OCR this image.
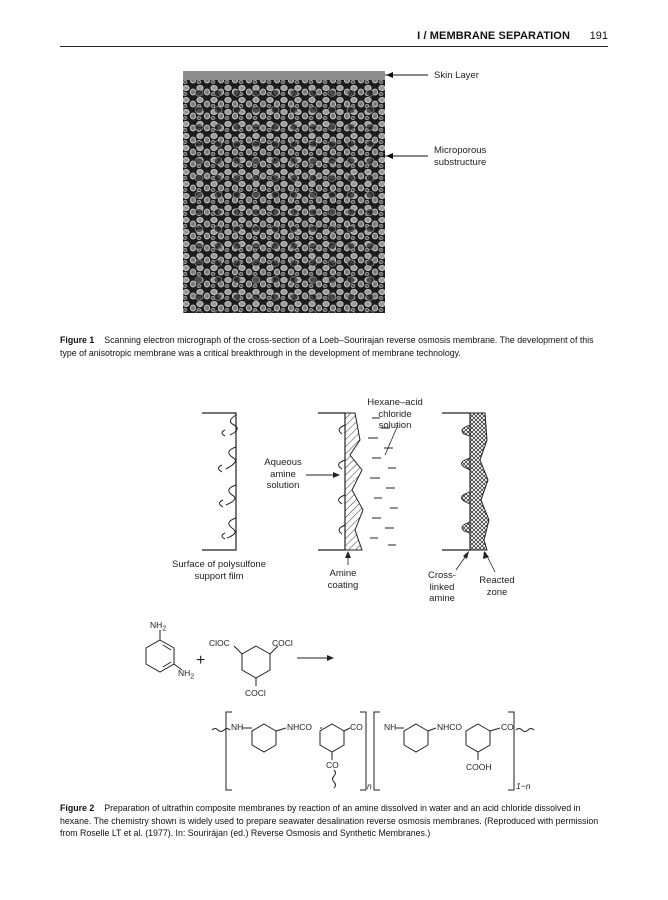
I / MEMBRANE SEPARATION 191
Skin Layer
Microporous
substructure
Figure 1 Scanning electron micrograph of the cross-section of a Loeb–Sourirajan reverse osmosis membrane. The development of this type of anisotropic membrane was a critical breakthrough in the development of membrane technology.
Hexane–acid
chloride
solution
Aqueous
amine
solution
Surface of polysulfone
support film	Amine
coating
Cross-
linked
amine
Reacted
zone
$NH_2$
$NH_2$
+
ClOC	COCl
COCl
NH	NHCO	CO
CO
NH	NHCO	CO
COOH
n	1−n
Figure 2 Preparation of ultrathin composite membranes by reaction of an amine dissolved in water and an acid chloride dissolved in hexane. The chemistry shown is widely used to prepare seawater desalination reverse osmosis membranes. (Reproduced with permission from Roselle LT et al. (1977). In: Sourirájan (ed.) Reverse Osmosis and Synthetic Membranes.)
